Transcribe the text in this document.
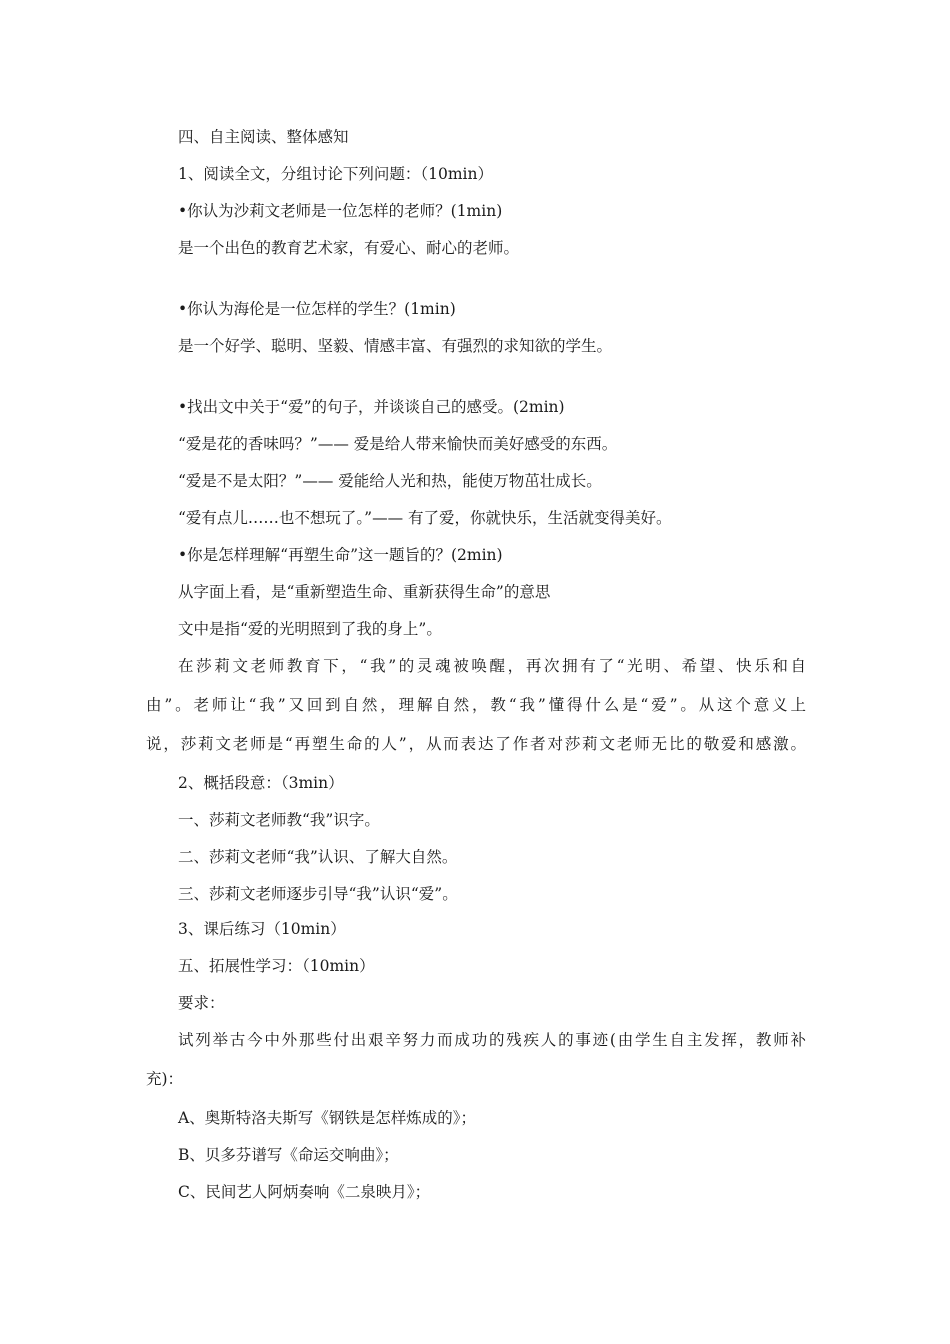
四、自主阅读、整体感知
1、阅读全文，分组讨论下列问题：（10min）
•你认为沙莉文老师是一位怎样的老师？(1min)
是一个出色的教育艺术家，有爱心、耐心的老师。
•你认为海伦是一位怎样的学生？(1min)
是一个好学、聪明、坚毅、情感丰富、有强烈的求知欲的学生。
•找出文中关于“爱”的句子，并谈谈自己的感受。(2min)
“爱是花的香味吗？”—— 爱是给人带来愉快而美好感受的东西。
“爱是不是太阳？”—— 爱能给人光和热，能使万物茁壮成长。
“爱有点儿……也不想玩了。”—— 有了爱，你就快乐，生活就变得美好。
•你是怎样理解“再塑生命”这一题旨的？(2min)
从字面上看，是“重新塑造生命、重新获得生命”的意思
文中是指“爱的光明照到了我的身上”。
在莎莉文老师教育下，“我”的灵魂被唤醒，再次拥有了“光明、希望、快乐和自
由”。老师让“我”又回到自然，理解自然，教“我”懂得什么是“爱”。从这个意义上
说，莎莉文老师是“再塑生命的人”，从而表达了作者对莎莉文老师无比的敬爱和感激。
2、概括段意：（3min）
一、莎莉文老师教“我”识字。
二、莎莉文老师“我”认识、了解大自然。
三、莎莉文老师逐步引导“我”认识“爱”。
3、课后练习（10min）
五、拓展性学习：（10min）
要求：
试列举古今中外那些付出艰辛努力而成功的残疾人的事迹(由学生自主发挥，教师补
充)：
A、奥斯特洛夫斯写《钢铁是怎样炼成的》；
B、贝多芬谱写《命运交响曲》；
C、民间艺人阿炳奏响《二泉映月》；
